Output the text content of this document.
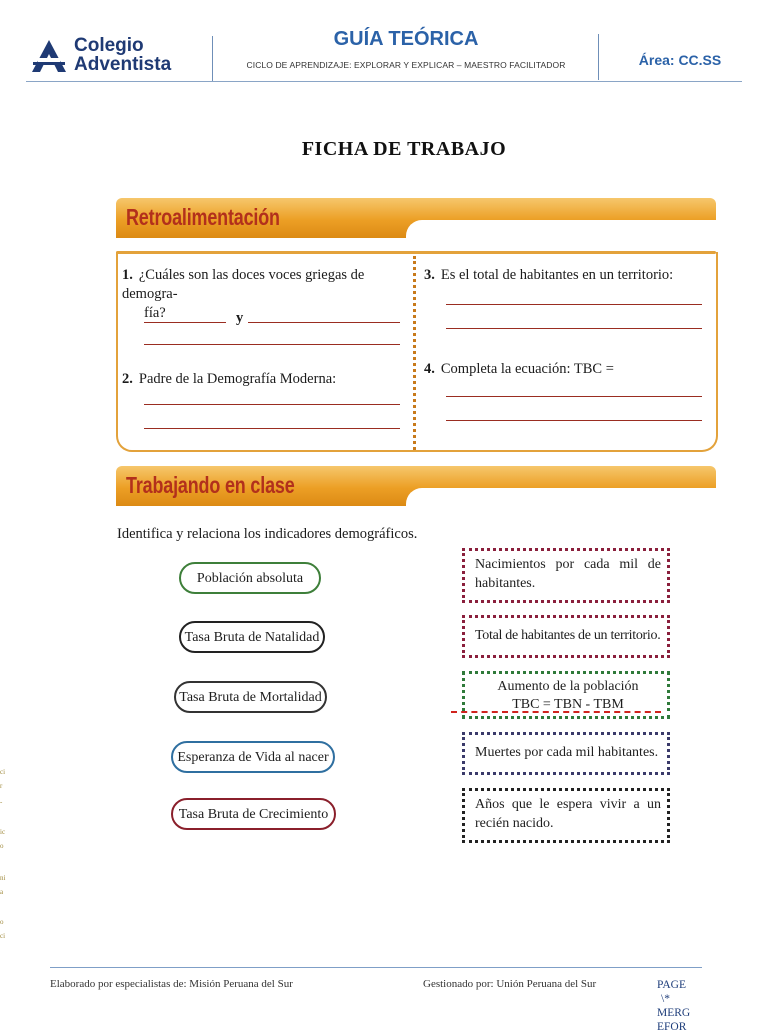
Colegio
Adventista
GUÍA TEÓRICA
CICLO DE APRENDIZAJE: EXPLORAR Y EXPLICAR – MAESTRO FACILITADOR	Área: CC.SS
FICHA DE TRABAJO
Retroalimentación
1. ¿Cuáles son las doces voces griegas de demogra-
fía?	y
2. Padre de la Demografía Moderna:
3. Es el total de habitantes en un territorio:
4. Completa la ecuación: TBC =
Trabajando en clase
Identifica y relaciona los indicadores demográficos.
Población absoluta
Tasa Bruta de Natalidad
Tasa Bruta de Mortalidad
Esperanza de Vida al nacer
Tasa Bruta de Crecimiento
Nacimientos por cada mil de
habitantes.
Total de habitantes de un territorio.
Aumento de la población
TBC = TBN - TBM
Muertes por cada mil habitantes.
Años que le espera vivir a un
recién nacido.
ci
r
-
ic
o
ni
a
o
ci
Elaborado por especialistas de: Misión Peruana del Sur	Gestionado por: Unión Peruana del Sur	PAGE
\*
MERG
EFOR
